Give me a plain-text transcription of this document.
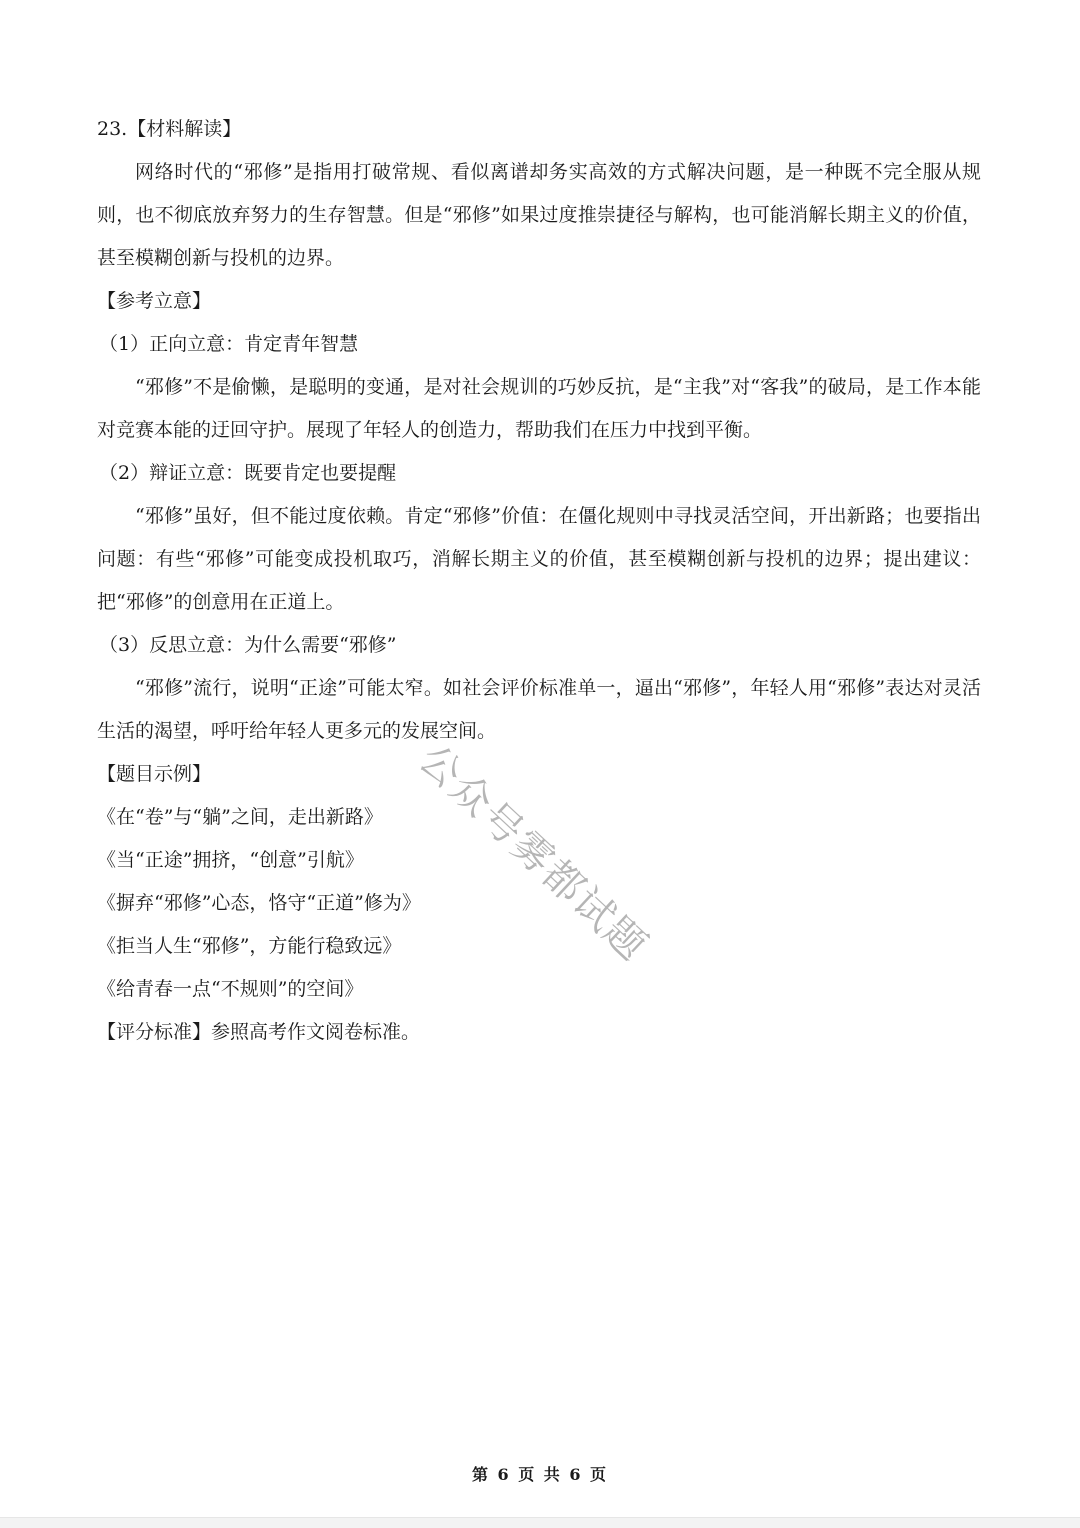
23.【材料解读】
网络时代的“邪修”是指用打破常规、看似离谱却务实高效的方式解决问题，是一种既不完全服从规则，也不彻底放弃努力的生存智慧。但是“邪修”如果过度推崇捷径与解构，也可能消解长期主义的价值，甚至模糊创新与投机的边界。
【参考立意】
（1）正向立意：肯定青年智慧
“邪修”不是偷懒，是聪明的变通，是对社会规训的巧妙反抗，是“主我”对“客我”的破局，是工作本能对竞赛本能的迂回守护。展现了年轻人的创造力，帮助我们在压力中找到平衡。
（2）辩证立意：既要肯定也要提醒
“邪修”虽好，但不能过度依赖。肯定“邪修”价值：在僵化规则中寻找灵活空间，开出新路；也要指出问题：有些“邪修”可能变成投机取巧，消解长期主义的价值，甚至模糊创新与投机的边界；提出建议：把“邪修”的创意用在正道上。
（3）反思立意：为什么需要“邪修”
“邪修”流行，说明“正途”可能太窄。如社会评价标准单一，逼出“邪修”，年轻人用“邪修”表达对灵活生活的渴望，呼吁给年轻人更多元的发展空间。
【题目示例】
《在“卷”与“躺”之间，走出新路》
《当“正途”拥挤，“创意”引航》
《摒弃“邪修”心态，恪守“正道”修为》
《拒当人生“邪修”，方能行稳致远》
《给青春一点“不规则”的空间》
【评分标准】参照高考作文阅卷标准。
公众号雾都试题
第 6 页 共 6 页
